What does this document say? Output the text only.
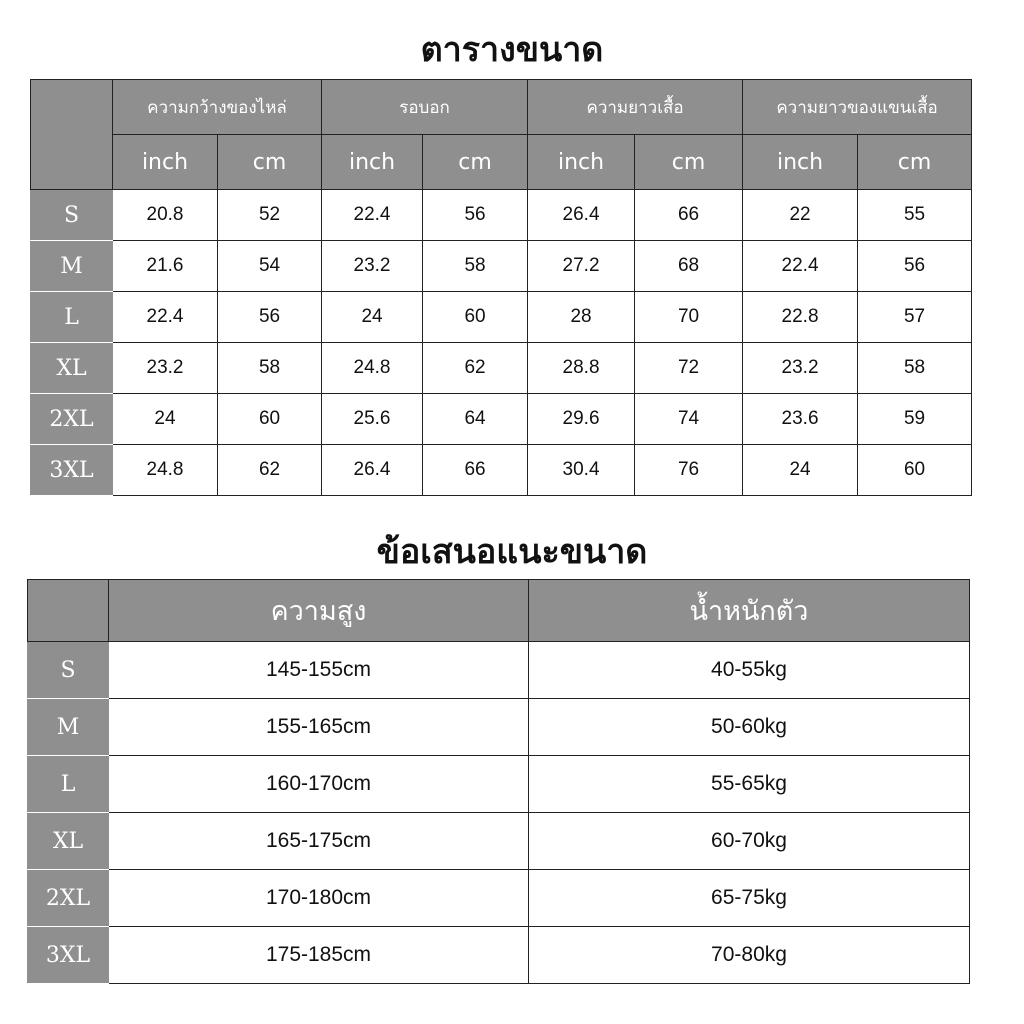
ตารางขนาด
	ความกว้างของไหล่		รอบอก		ความยาวเสื้อ		ความยาวของแขนเสื้อ	
	inch	cm	inch	cm	inch	cm	inch	cm
S	20.8	52	22.4	56	26.4	66	22	55
M	21.6	54	23.2	58	27.2	68	22.4	56
L	22.4	56	24	60	28	70	22.8	57
XL	23.2	58	24.8	62	28.8	72	23.2	58
2XL	24	60	25.6	64	29.6	74	23.6	59
3XL	24.8	62	26.4	66	30.4	76	24	60
ข้อเสนอแนะขนาด
	ความสูง	น้ำหนักตัว
S	145-155cm	40-55kg
M	155-165cm	50-60kg
L	160-170cm	55-65kg
XL	165-175cm	60-70kg
2XL	170-180cm	65-75kg
3XL	175-185cm	70-80kg
